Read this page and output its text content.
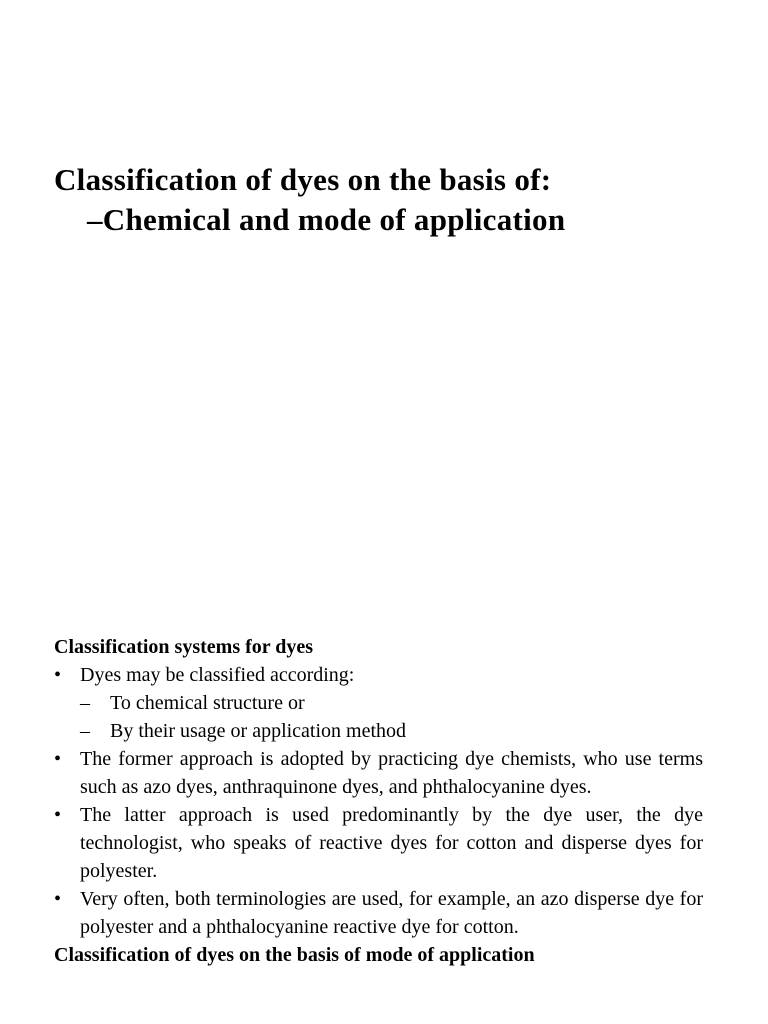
Classification of dyes on the basis of:
–Chemical and mode of application

Classification systems for dyes

• Dyes may be classified according:
– To chemical structure or
– By their usage or application method
• The former approach is adopted by practicing dye chemists, who use terms such as azo dyes, anthraquinone dyes, and phthalocyanine dyes.
• The latter approach is used predominantly by the dye user, the dye technologist, who speaks of reactive dyes for cotton and disperse dyes for polyester.
• Very often, both terminologies are used, for example, an azo disperse dye for polyester and a phthalocyanine reactive dye for cotton.

Classification of dyes on the basis of mode of application
